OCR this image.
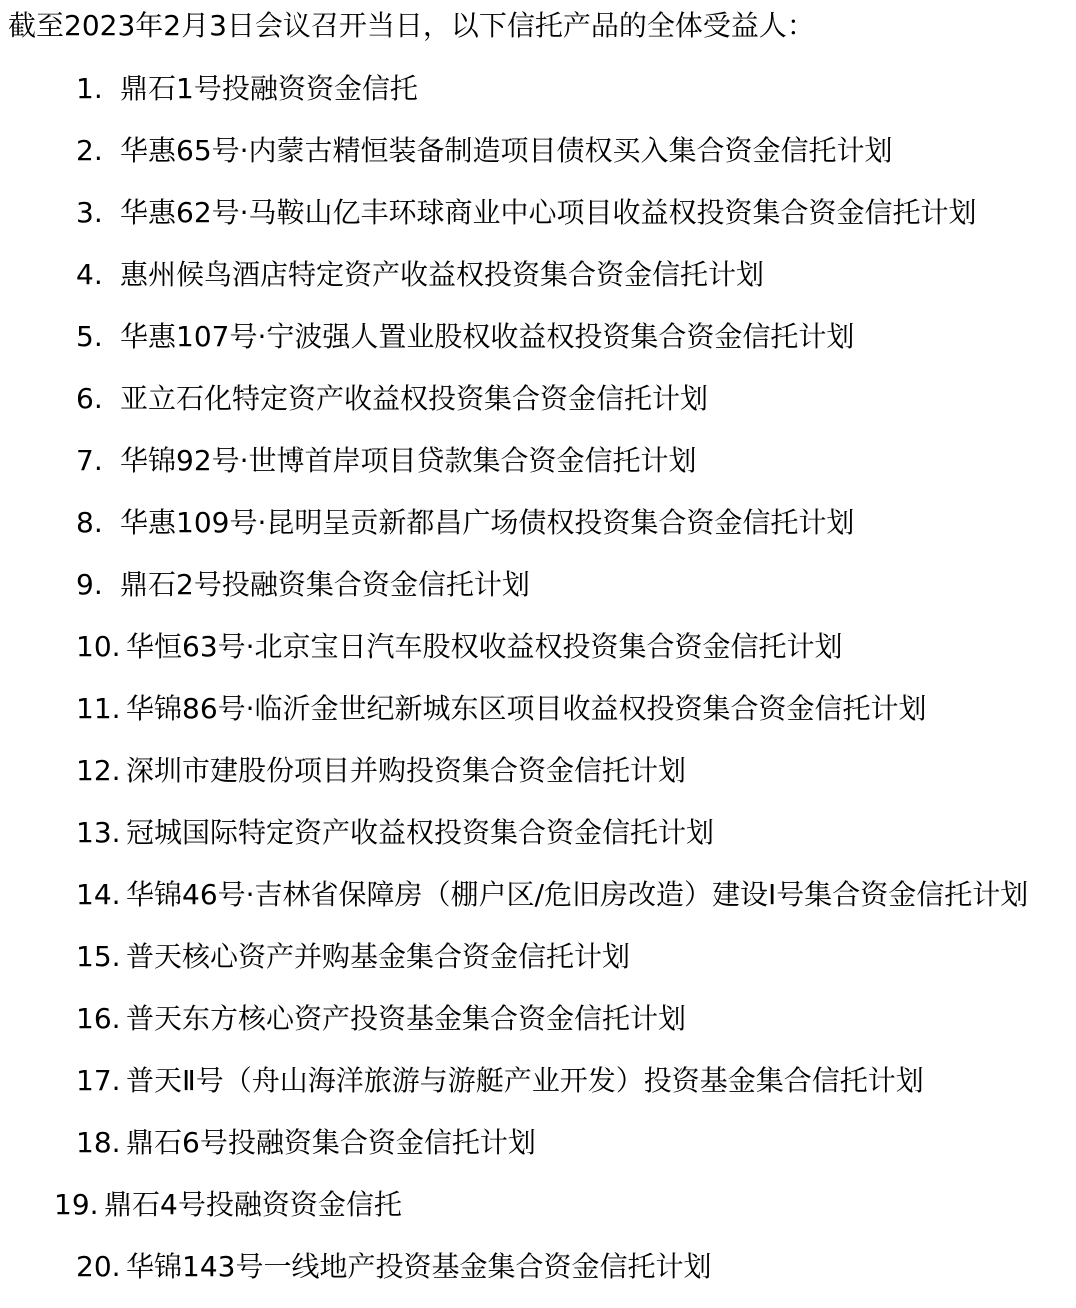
截至2023年2月3日会议召开当日，以下信托产品的全体受益人：
1. 鼎石1号投融资资金信托
2. 华惠65号·内蒙古精恒装备制造项目债权买入集合资金信托计划
3. 华惠62号·马鞍山亿丰环球商业中心项目收益权投资集合资金信托计划
4. 惠州候鸟酒店特定资产收益权投资集合资金信托计划
5. 华惠107号·宁波强人置业股权收益权投资集合资金信托计划
6. 亚立石化特定资产收益权投资集合资金信托计划
7. 华锦92号·世博首岸项目贷款集合资金信托计划
8. 华惠109号·昆明呈贡新都昌广场债权投资集合资金信托计划
9. 鼎石2号投融资集合资金信托计划
10. 华恒63号·北京宝日汽车股权收益权投资集合资金信托计划
11. 华锦86号·临沂金世纪新城东区项目收益权投资集合资金信托计划
12. 深圳市建股份项目并购投资集合资金信托计划
13. 冠城国际特定资产收益权投资集合资金信托计划
14. 华锦46号·吉林省保障房（棚户区/危旧房改造）建设I号集合资金信托计划
15. 普天核心资产并购基金集合资金信托计划
16. 普天东方核心资产投资基金集合资金信托计划
17. 普天Ⅱ号（舟山海洋旅游与游艇产业开发）投资基金集合信托计划
18. 鼎石6号投融资集合资金信托计划
19. 鼎石4号投融资资金信托
20. 华锦143号一线地产投资基金集合资金信托计划
